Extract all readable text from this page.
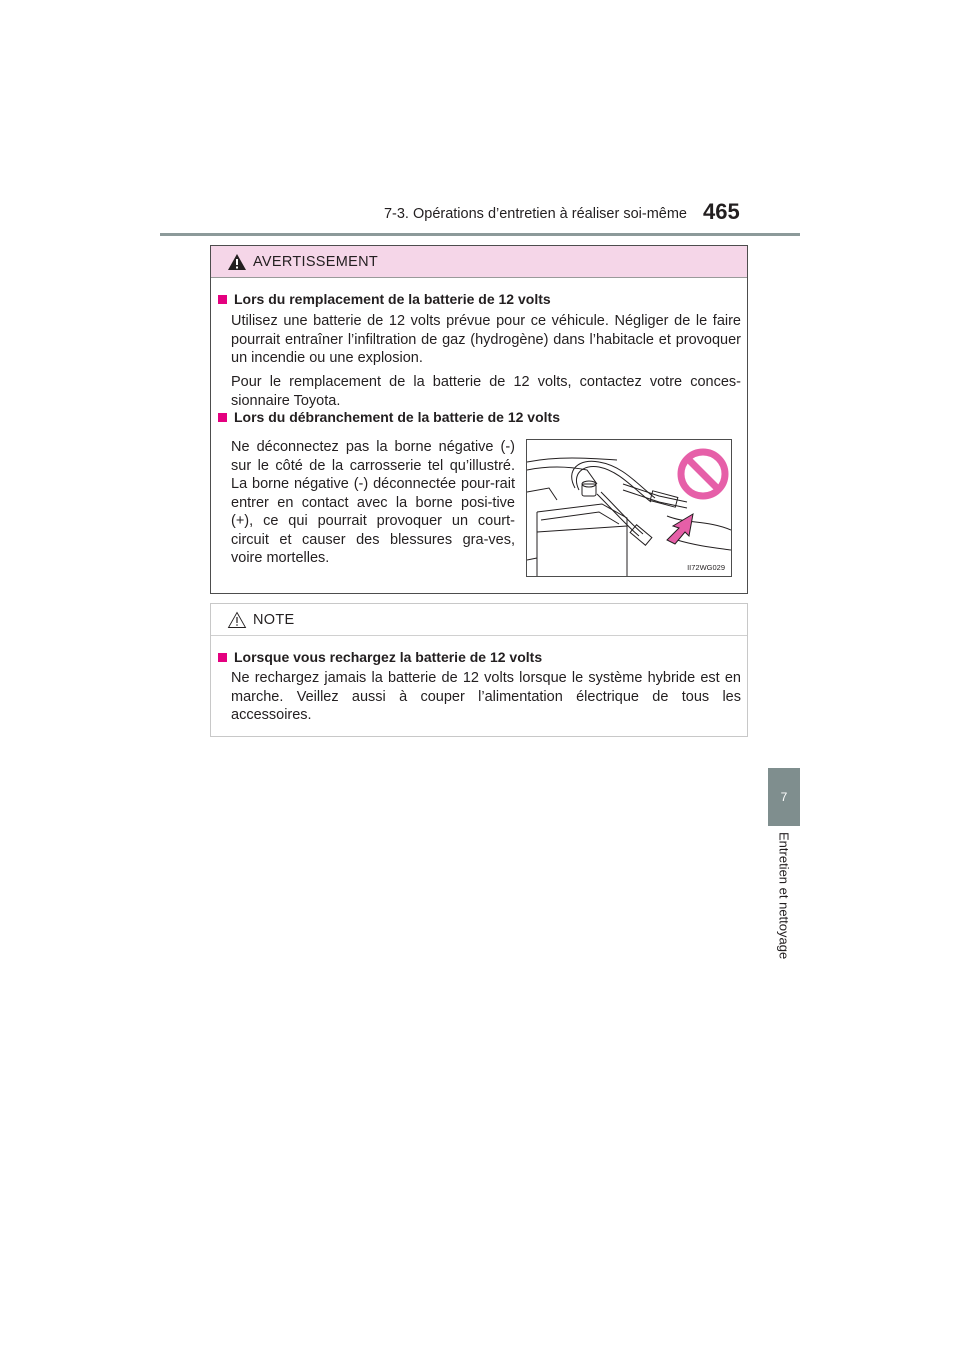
7-3. Opérations d’entretien à réaliser soi-même 465
7
Entretien et nettoyage
AVERTISSEMENT
Lors du remplacement de la batterie de 12 volts

Utilisez une batterie de 12 volts prévue pour ce véhicule. Négliger de le faire pourrait entraîner l’infiltration de gaz (hydrogène) dans l’habitacle et provoquer un incendie ou une explosion.

Pour le remplacement de la batterie de 12 volts, contactez votre conces-sionnaire Toyota.

Lors du débranchement de la batterie de 12 volts

Ne déconnectez pas la borne négative (-) sur le côté de la carrosserie tel qu’illustré. La borne négative (-) déconnectée pour-rait entrer en contact avec la borne posi-tive (+), ce qui pourrait provoquer un court-circuit et causer des blessures gra-ves, voire mortelles.

II72WG029
NOTE
Lorsque vous rechargez la batterie de 12 volts

Ne rechargez jamais la batterie de 12 volts lorsque le système hybride est en marche. Veillez aussi à couper l’alimentation électrique de tous les accessoires.
